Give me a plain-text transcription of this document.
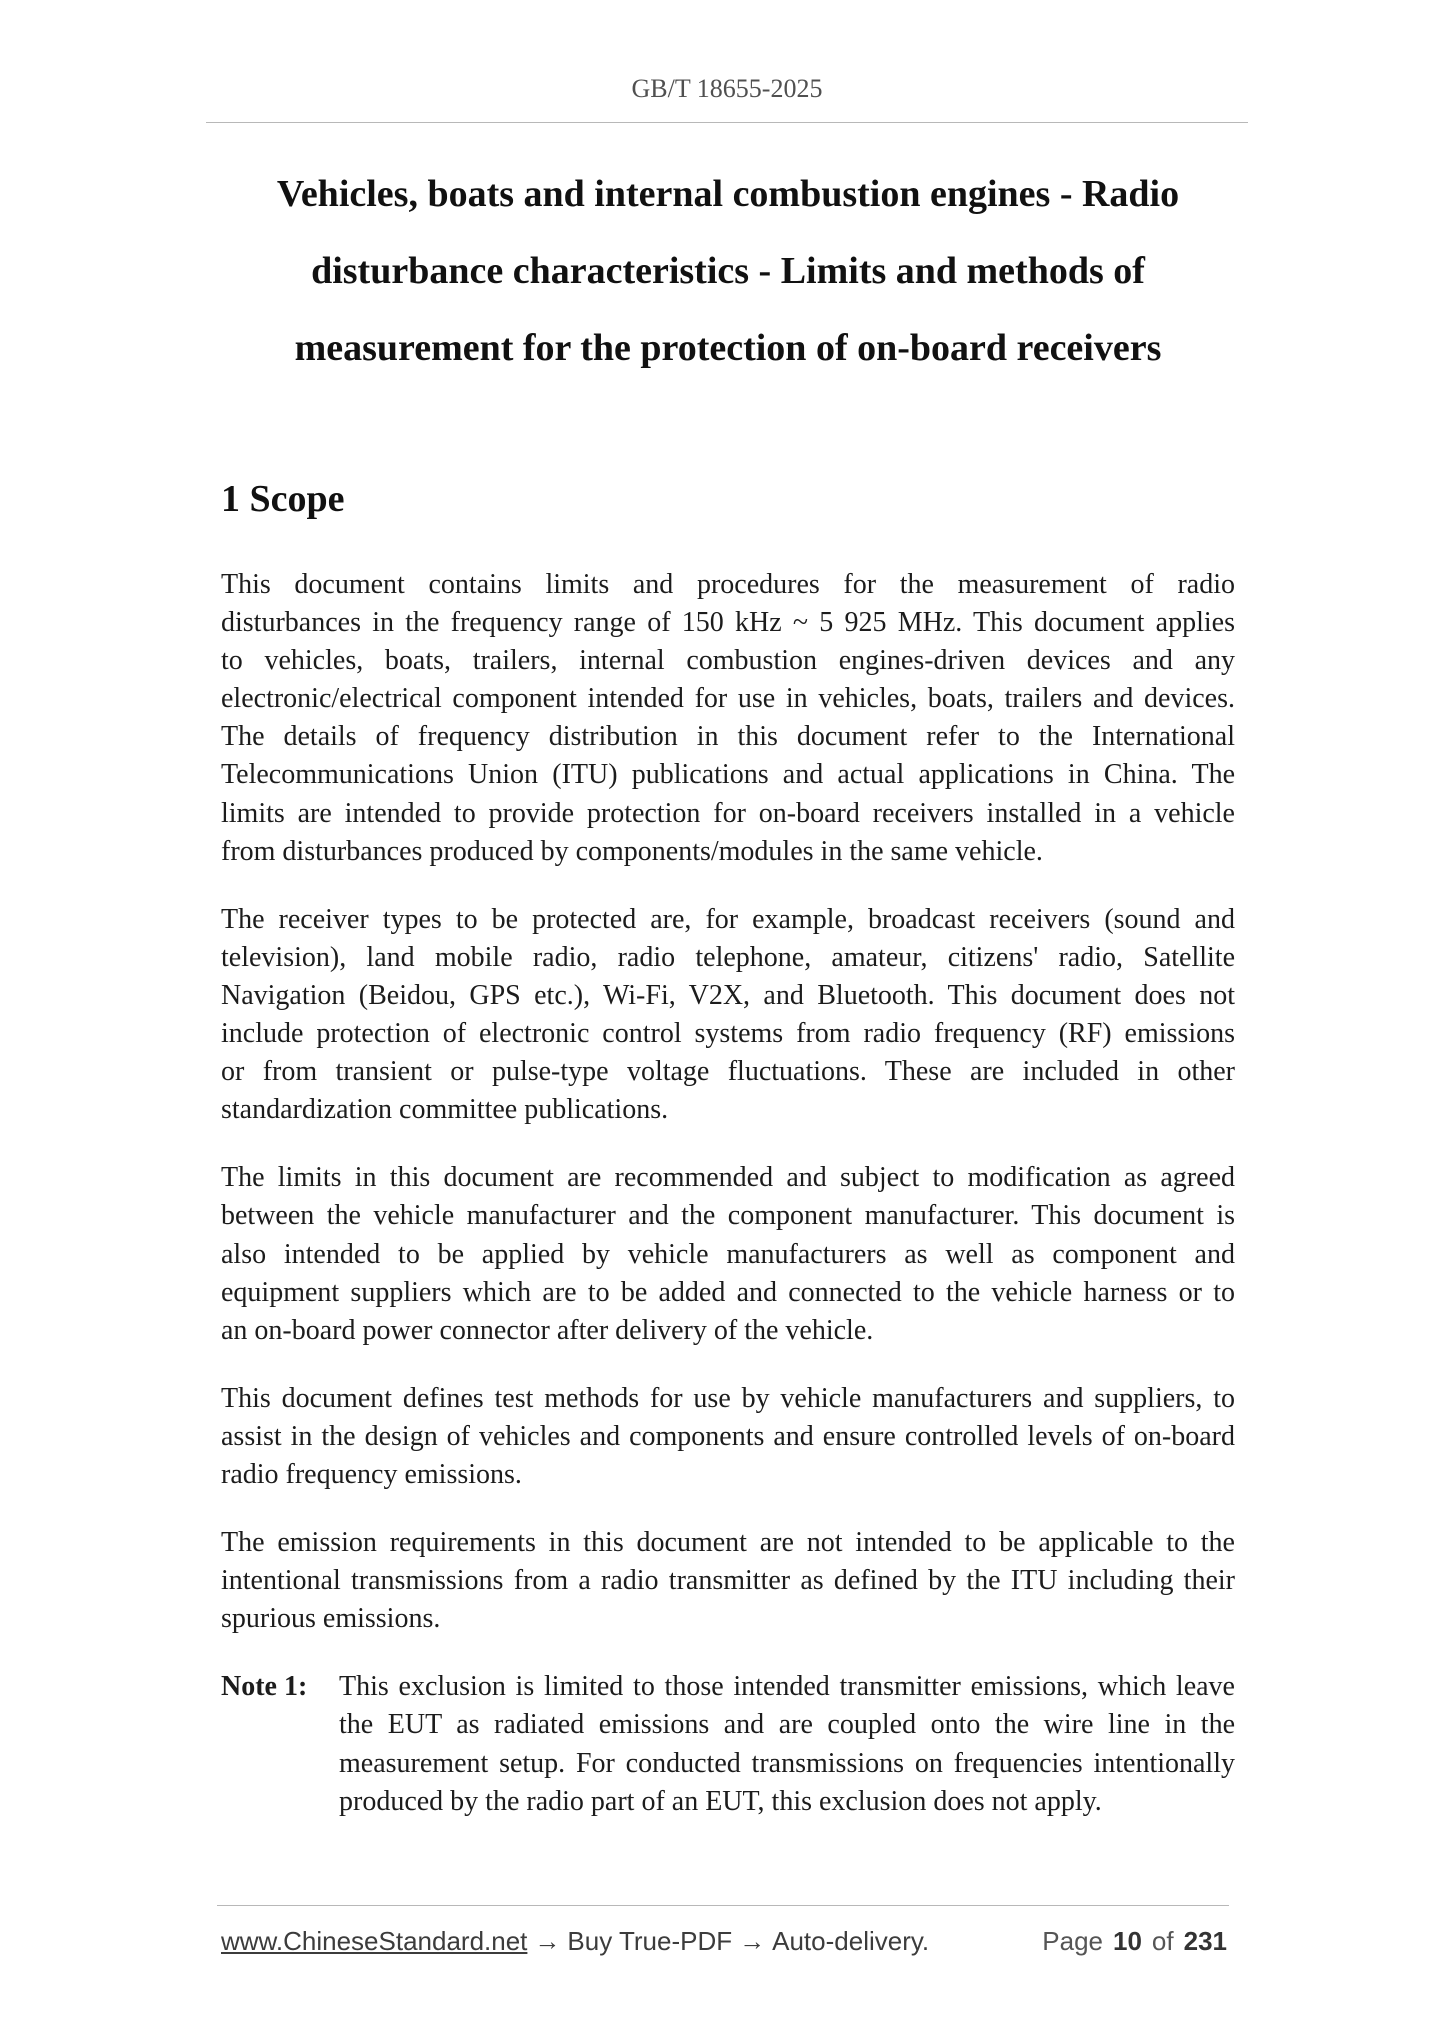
GB/T 18655-2025
Vehicles, boats and internal combustion engines - Radio
disturbance characteristics - Limits and methods of
measurement for the protection of on-board receivers
1 Scope
This document contains limits and procedures for the measurement of radio
disturbances in the frequency range of 150 kHz ~ 5 925 MHz. This document applies
to vehicles, boats, trailers, internal combustion engines-driven devices and any
electronic/electrical component intended for use in vehicles, boats, trailers and devices.
The details of frequency distribution in this document refer to the International
Telecommunications Union (ITU) publications and actual applications in China. The
limits are intended to provide protection for on-board receivers installed in a vehicle
from disturbances produced by components/modules in the same vehicle.
The receiver types to be protected are, for example, broadcast receivers (sound and
television), land mobile radio, radio telephone, amateur, citizens' radio, Satellite
Navigation (Beidou, GPS etc.), Wi-Fi, V2X, and Bluetooth. This document does not
include protection of electronic control systems from radio frequency (RF) emissions
or from transient or pulse-type voltage fluctuations. These are included in other
standardization committee publications.
The limits in this document are recommended and subject to modification as agreed
between the vehicle manufacturer and the component manufacturer. This document is
also intended to be applied by vehicle manufacturers as well as component and
equipment suppliers which are to be added and connected to the vehicle harness or to
an on-board power connector after delivery of the vehicle.
This document defines test methods for use by vehicle manufacturers and suppliers, to
assist in the design of vehicles and components and ensure controlled levels of on-board
radio frequency emissions.
The emission requirements in this document are not intended to be applicable to the
intentional transmissions from a radio transmitter as defined by the ITU including their
spurious emissions.
Note 1:	This exclusion is limited to those intended transmitter emissions, which leave
the EUT as radiated emissions and are coupled onto the wire line in the
measurement setup. For conducted transmissions on frequencies intentionally
produced by the radio part of an EUT, this exclusion does not apply.
www.ChineseStandard.net → Buy True-PDF → Auto-delivery.	Page 10 of 231
